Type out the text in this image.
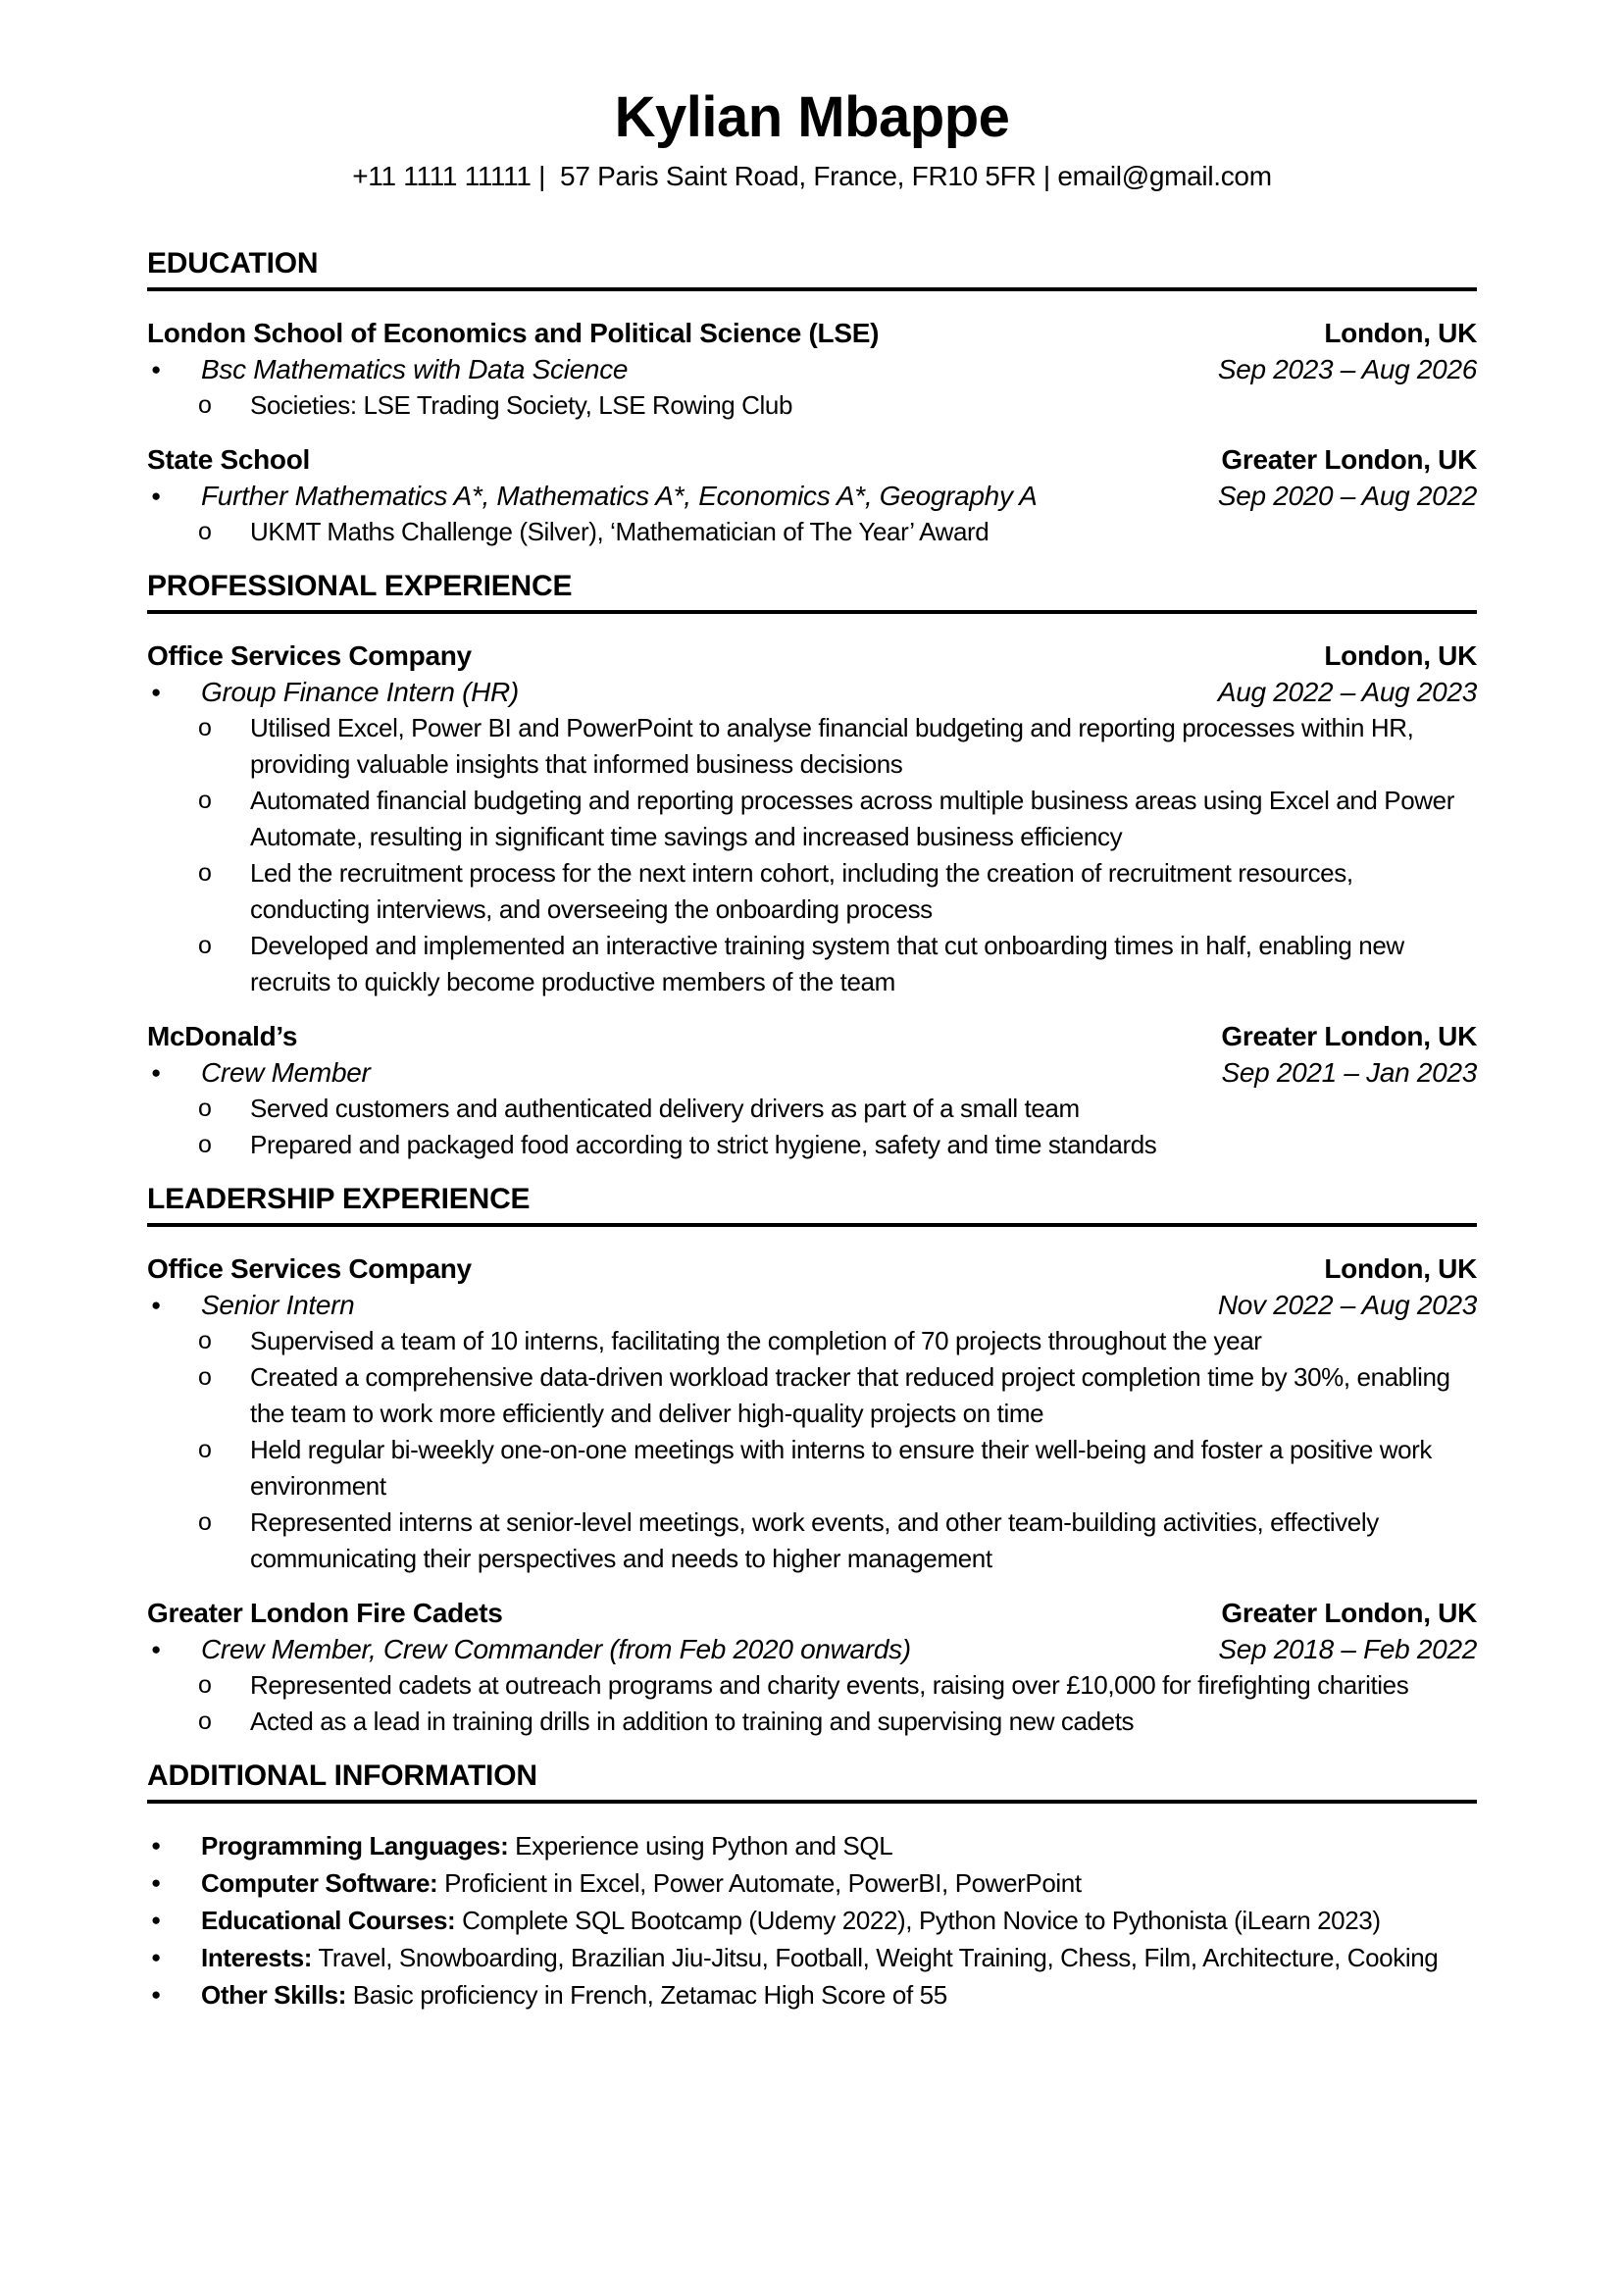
Kylian Mbappe
+11 1111 11111 |  57 Paris Saint Road, France, FR10 5FR | email@gmail.com
EDUCATION
London School of Economics and Political Science (LSE)	London, UK
● Bsc Mathematics with Data Science	Sep 2023 – Aug 2026
o Societies: LSE Trading Society, LSE Rowing Club
State School	Greater London, UK
● Further Mathematics A*, Mathematics A*, Economics A*, Geography A	Sep 2020 – Aug 2022
o UKMT Maths Challenge (Silver), ‘Mathematician of The Year’ Award
PROFESSIONAL EXPERIENCE
Office Services Company	London, UK
● Group Finance Intern (HR)	Aug 2022 – Aug 2023
o Utilised Excel, Power BI and PowerPoint to analyse financial budgeting and reporting processes within HR, providing valuable insights that informed business decisions
o Automated financial budgeting and reporting processes across multiple business areas using Excel and Power Automate, resulting in significant time savings and increased business efficiency
o Led the recruitment process for the next intern cohort, including the creation of recruitment resources, conducting interviews, and overseeing the onboarding process
o Developed and implemented an interactive training system that cut onboarding times in half, enabling new recruits to quickly become productive members of the team
McDonald’s	Greater London, UK
● Crew Member	Sep 2021 – Jan 2023
o Served customers and authenticated delivery drivers as part of a small team
o Prepared and packaged food according to strict hygiene, safety and time standards
LEADERSHIP EXPERIENCE
Office Services Company	London, UK
● Senior Intern	Nov 2022 – Aug 2023
o Supervised a team of 10 interns, facilitating the completion of 70 projects throughout the year
o Created a comprehensive data-driven workload tracker that reduced project completion time by 30%, enabling the team to work more efficiently and deliver high-quality projects on time
o Held regular bi-weekly one-on-one meetings with interns to ensure their well-being and foster a positive work environment
o Represented interns at senior-level meetings, work events, and other team-building activities, effectively communicating their perspectives and needs to higher management
Greater London Fire Cadets	Greater London, UK
● Crew Member, Crew Commander (from Feb 2020 onwards)	Sep 2018 – Feb 2022
o Represented cadets at outreach programs and charity events, raising over £10,000 for firefighting charities
o Acted as a lead in training drills in addition to training and supervising new cadets
ADDITIONAL INFORMATION
● Programming Languages: Experience using Python and SQL
● Computer Software: Proficient in Excel, Power Automate, PowerBI, PowerPoint
● Educational Courses: Complete SQL Bootcamp (Udemy 2022), Python Novice to Pythonista (iLearn 2023)
● Interests: Travel, Snowboarding, Brazilian Jiu-Jitsu, Football, Weight Training, Chess, Film, Architecture, Cooking
● Other Skills: Basic proficiency in French, Zetamac High Score of 55
